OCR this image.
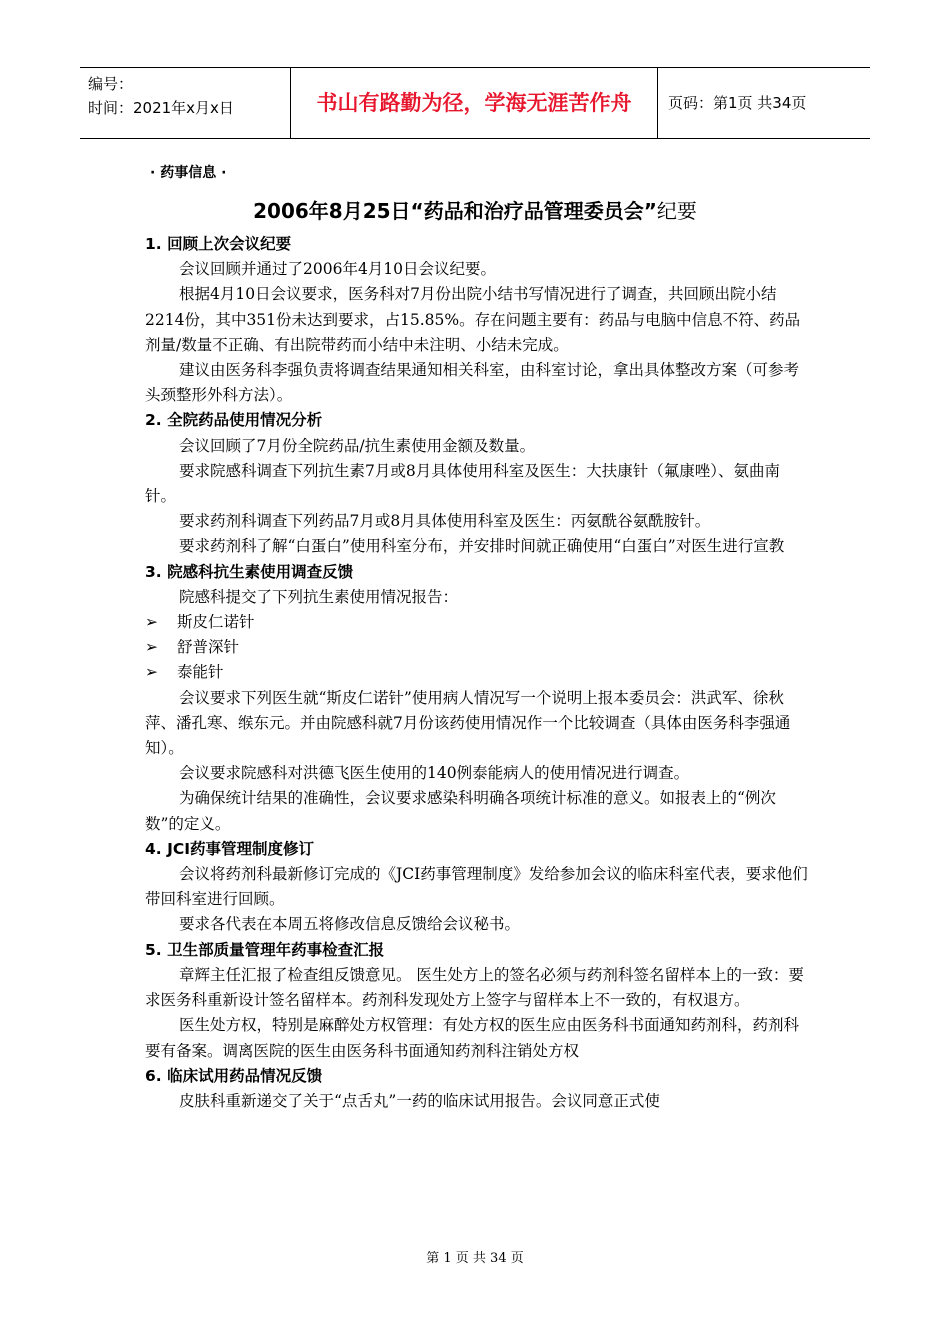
编号：
时间：2021年x月x日	书山有路勤为径，学海无涯苦作舟 页码：第1页 共34页
· 药事信息 ·
2006年8月25日“药品和治疗品管理委员会”纪要

1. 回顾上次会议纪要

会议回顾并通过了2006年4月10日会议纪要。

根据4月10日会议要求，医务科对7月份出院小结书写情况进行了调查，共回顾出院小结2214份，其中351份未达到要求，占15.85%。存在问题主要有：药品与电脑中信息不符、药品剂量/数量不正确、有出院带药而小结中未注明、小结未完成。

建议由医务科李强负责将调查结果通知相关科室，由科室讨论，拿出具体整改方案（可参考头颈整形外科方法）。

2. 全院药品使用情况分析

会议回顾了7月份全院药品/抗生素使用金额及数量。

要求院感科调查下列抗生素7月或8月具体使用科室及医生：大扶康针（氟康唑）、氨曲南针。

要求药剂科调查下列药品7月或8月具体使用科室及医生：丙氨酰谷氨酰胺针。

要求药剂科了解“白蛋白”使用科室分布，并安排时间就正确使用“白蛋白”对医生进行宣教

3. 院感科抗生素使用调查反馈

院感科提交了下列抗生素使用情况报告：

➢	斯皮仁诺针

➢	舒普深针

➢	泰能针

会议要求下列医生就“斯皮仁诺针”使用病人情况写一个说明上报本委员会：洪武军、徐秋萍、潘孔寒、缑东元。并由院感科就7月份该药使用情况作一个比较调查（具体由医务科李强通知）。

会议要求院感科对洪德飞医生使用的140例泰能病人的使用情况进行调查。

为确保统计结果的准确性，会议要求感染科明确各项统计标准的意义。如报表上的“例次数”的定义。

4. JCI药事管理制度修订

会议将药剂科最新修订完成的《JCI药事管理制度》发给参加会议的临床科室代表，要求他们带回科室进行回顾。

要求各代表在本周五将修改信息反馈给会议秘书。

5. 卫生部质量管理年药事检查汇报

章辉主任汇报了检查组反馈意见。 医生处方上的签名必须与药剂科签名留样本上的一致：要求医务科重新设计签名留样本。药剂科发现处方上签字与留样本上不一致的，有权退方。

医生处方权，特别是麻醉处方权管理：有处方权的医生应由医务科书面通知药剂科，药剂科要有备案。调离医院的医生由医务科书面通知药剂科注销处方权

6. 临床试用药品情况反馈

皮肤科重新递交了关于“点舌丸”一药的临床试用报告。会议同意正式使

第 1 页 共 34 页
